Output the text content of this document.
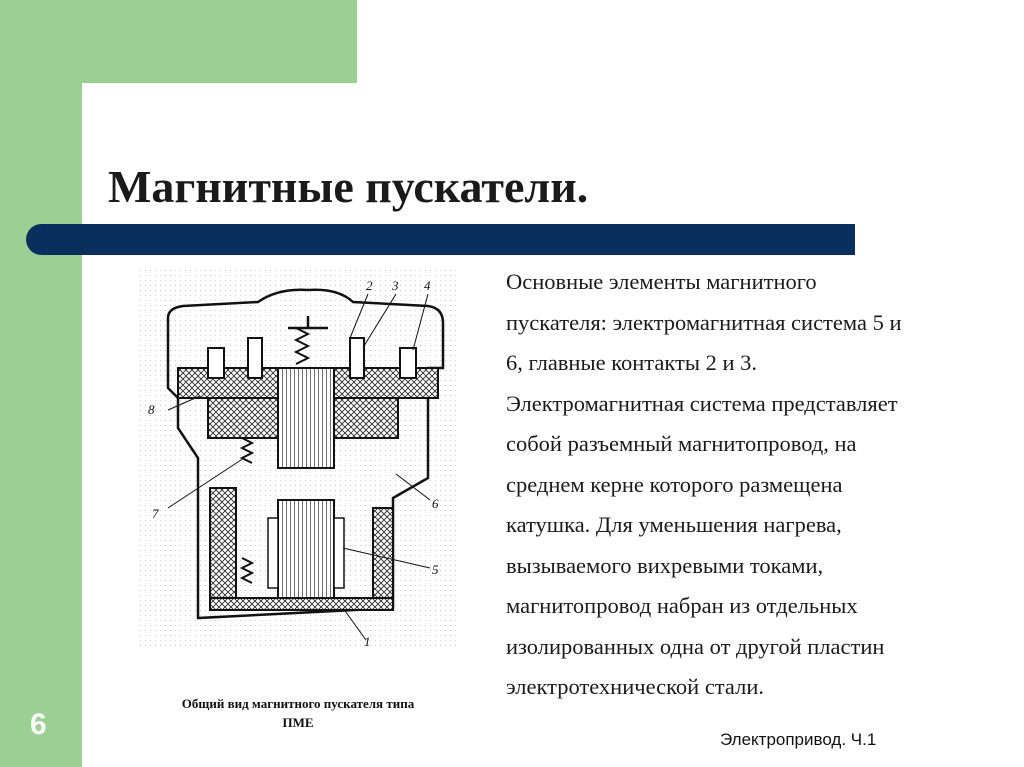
Магнитные пускатели.
8
2 3 4
7
6
5
1
Общий вид магнитного пускателя типа
ПМЕ
Основные элементы магнитного
пускателя: электромагнитная система 5 и
6, главные контакты 2 и 3.
Электромагнитная система представляет
собой разъемный магнитопровод, на
среднем керне которого размещена
катушка. Для уменьшения нагрева,
вызываемого вихревыми токами,
магнитопровод набран из отдельных
изолированных одна от другой пластин
электротехнической стали.
6	Электропривод. Ч.1
